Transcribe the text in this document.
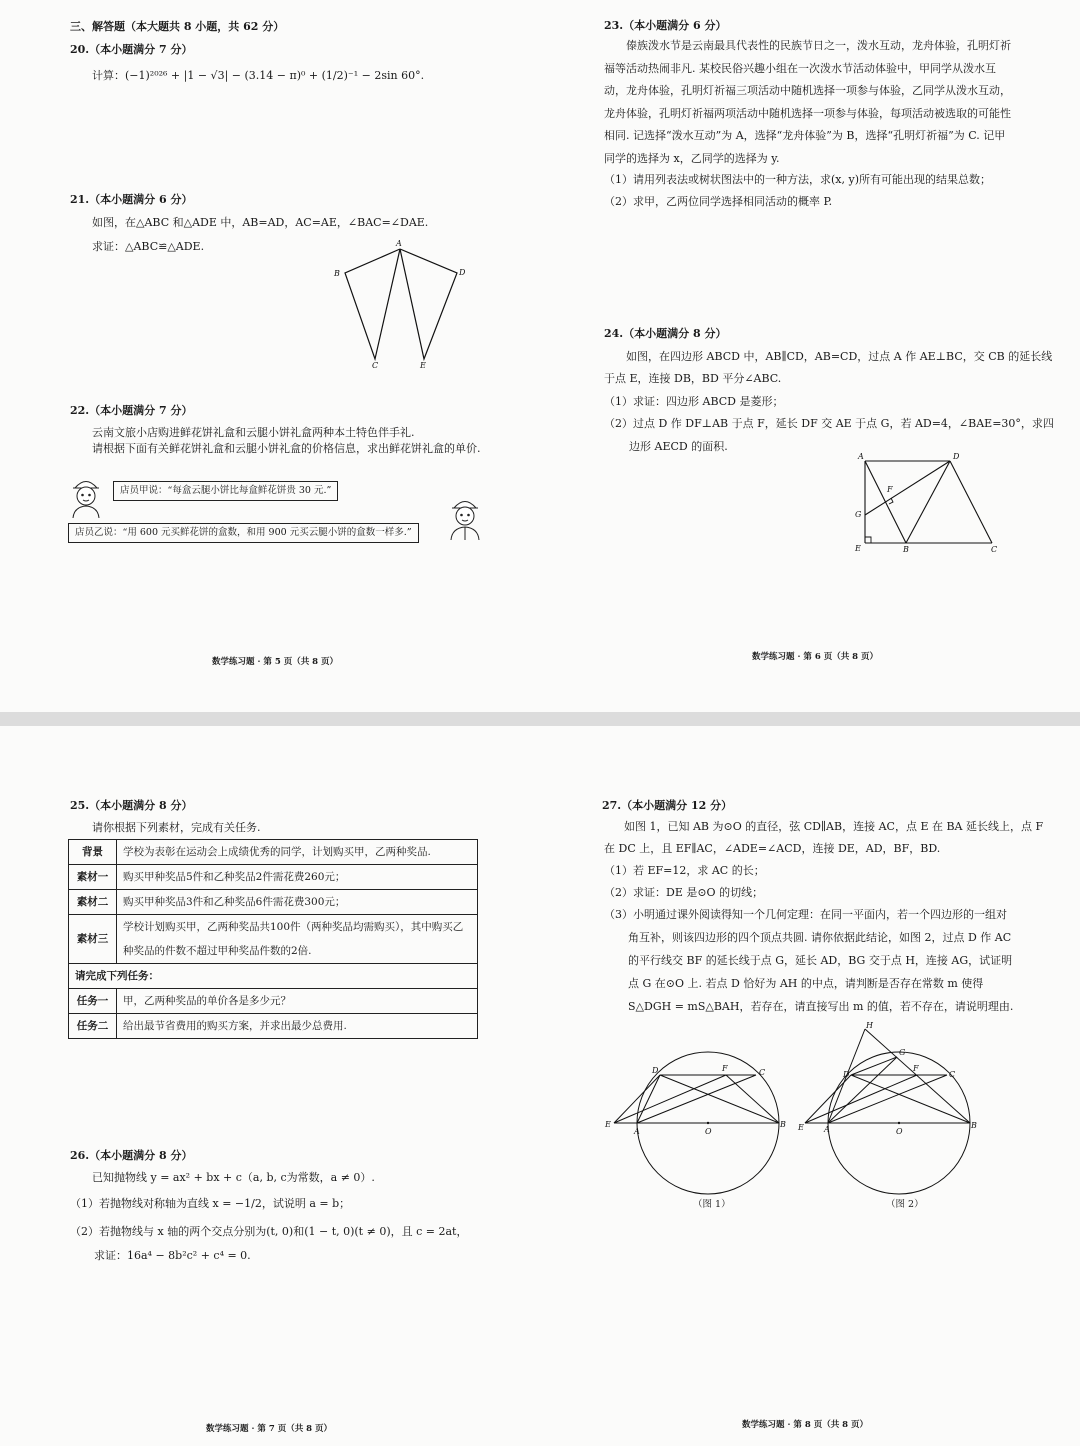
三、解答题（本大题共 8 小题，共 62 分）
20.（本小题满分 7 分）
计算：(−1)²⁰²⁶ + |1 − √3| − (3.14 − π)⁰ + (1/2)⁻¹ − 2sin 60°.
21.（本小题满分 6 分）
如图，在△ABC 和△ADE 中，AB=AD，AC=AE，∠BAC=∠DAE.
求证：△ABC≌△ADE.	A
B	D
C	E
22.（本小题满分 7 分）
云南文旅小店购进鲜花饼礼盒和云腿小饼礼盒两种本土特色伴手礼.
请根据下面有关鲜花饼礼盒和云腿小饼礼盒的价格信息，求出鲜花饼礼盒的单价.
店员甲说：“每盒云腿小饼比每盒鲜花饼贵 30 元.”
店员乙说：“用 600 元买鲜花饼的盒数，和用 900 元买云腿小饼的盒数一样多.”
数学练习题 · 第 5 页（共 8 页）
23.（本小题满分 6 分）

傣族泼水节是云南最具代表性的民族节日之一，泼水互动，龙舟体验，孔明灯祈福等活动热闹非凡. 某校民俗兴趣小组在一次泼水节活动体验中，甲同学从泼水互动，龙舟体验，孔明灯祈福三项活动中随机选择一项参与体验，乙同学从泼水互动，龙舟体验，孔明灯祈福两项活动中随机选择一项参与体验，每项活动被选取的可能性相同. 记选择“泼水互动”为 A，选择“龙舟体验”为 B，选择“孔明灯祈福”为 C. 记甲同学的选择为 x，乙同学的选择为 y.

（1）请用列表法或树状图法中的一种方法，求(x, y)所有可能出现的结果总数；
（2）求甲，乙两位同学选择相同活动的概率 P.
24.（本小题满分 8 分）
如图，在四边形 ABCD 中，AB∥CD，AB=CD，过点 A 作 AE⊥BC，交 CB 的延长线
于点 E，连接 DB，BD 平分∠ABC.
（1）求证：四边形 ABCD 是菱形；
（2）过点 D 作 DF⊥AB 于点 F，延长 DF 交 AE 于点 G，若 AD=4，∠BAE=30°，求四
边形 AECD 的面积.
A	D
F
G
E	B	C
数学练习题 · 第 6 页（共 8 页）
25.（本小题满分 8 分）
请你根据下列素材，完成有关任务.
背景	学校为表彰在运动会上成绩优秀的同学，计划购买甲，乙两种奖品.
素材一	购买甲种奖品5件和乙种奖品2件需花费260元；
素材二	购买甲种奖品3件和乙种奖品6件需花费300元；
素材三	学校计划购买甲，乙两种奖品共100件（两种奖品均需购买），其中购买乙种奖品的件数不超过甲种奖品件数的2倍.
请完成下列任务：	
任务一	甲，乙两种奖品的单价各是多少元？
任务二	给出最节省费用的购买方案，并求出最少总费用.
26.（本小题满分 8 分）
已知抛物线 y = ax² + bx + c（a, b, c为常数，a ≠ 0）.
（1）若抛物线对称轴为直线 x = −1/2，试说明 a = b；
（2）若抛物线与 x 轴的两个交点分别为(t, 0)和(1 − t, 0)(t ≠ 0)，且 c = 2at，
求证：16a⁴ − 8b²c² + c⁴ = 0.
数学练习题 · 第 7 页（共 8 页）
27.（本小题满分 12 分）
如图 1，已知 AB 为⊙O 的直径，弦 CD∥AB，连接 AC，点 E 在 BA 延长线上，点 F
在 DC 上，且 EF∥AC，∠ADE=∠ACD，连接 DE，AD，BF，BD.
（1）若 EF=12，求 AC 的长；
（2）求证：DE 是⊙O 的切线；

（3）小明通过课外阅读得知一个几何定理：在同一平面内，若一个四边形的一组对角互补，则该四边形的四个顶点共圆. 请你依据此结论，如图 2，过点 D 作 AC 的平行线交 BF 的延长线于点 G，延长 AD，BG 交于点 H，连接 AG，试证明点 G 在⊙O 上. 若点 D 恰好为 AH 的中点，请判断是否存在常数 m 使得 S△DGH = mS△BAH，若存在，请直接写出 m 的值，若不存在，请说明理由.

D	F	C
E
A	O
B
（图 1）
H
G
D
F
C
E	A	O
B
（图 2）
数学练习题 · 第 8 页（共 8 页）
